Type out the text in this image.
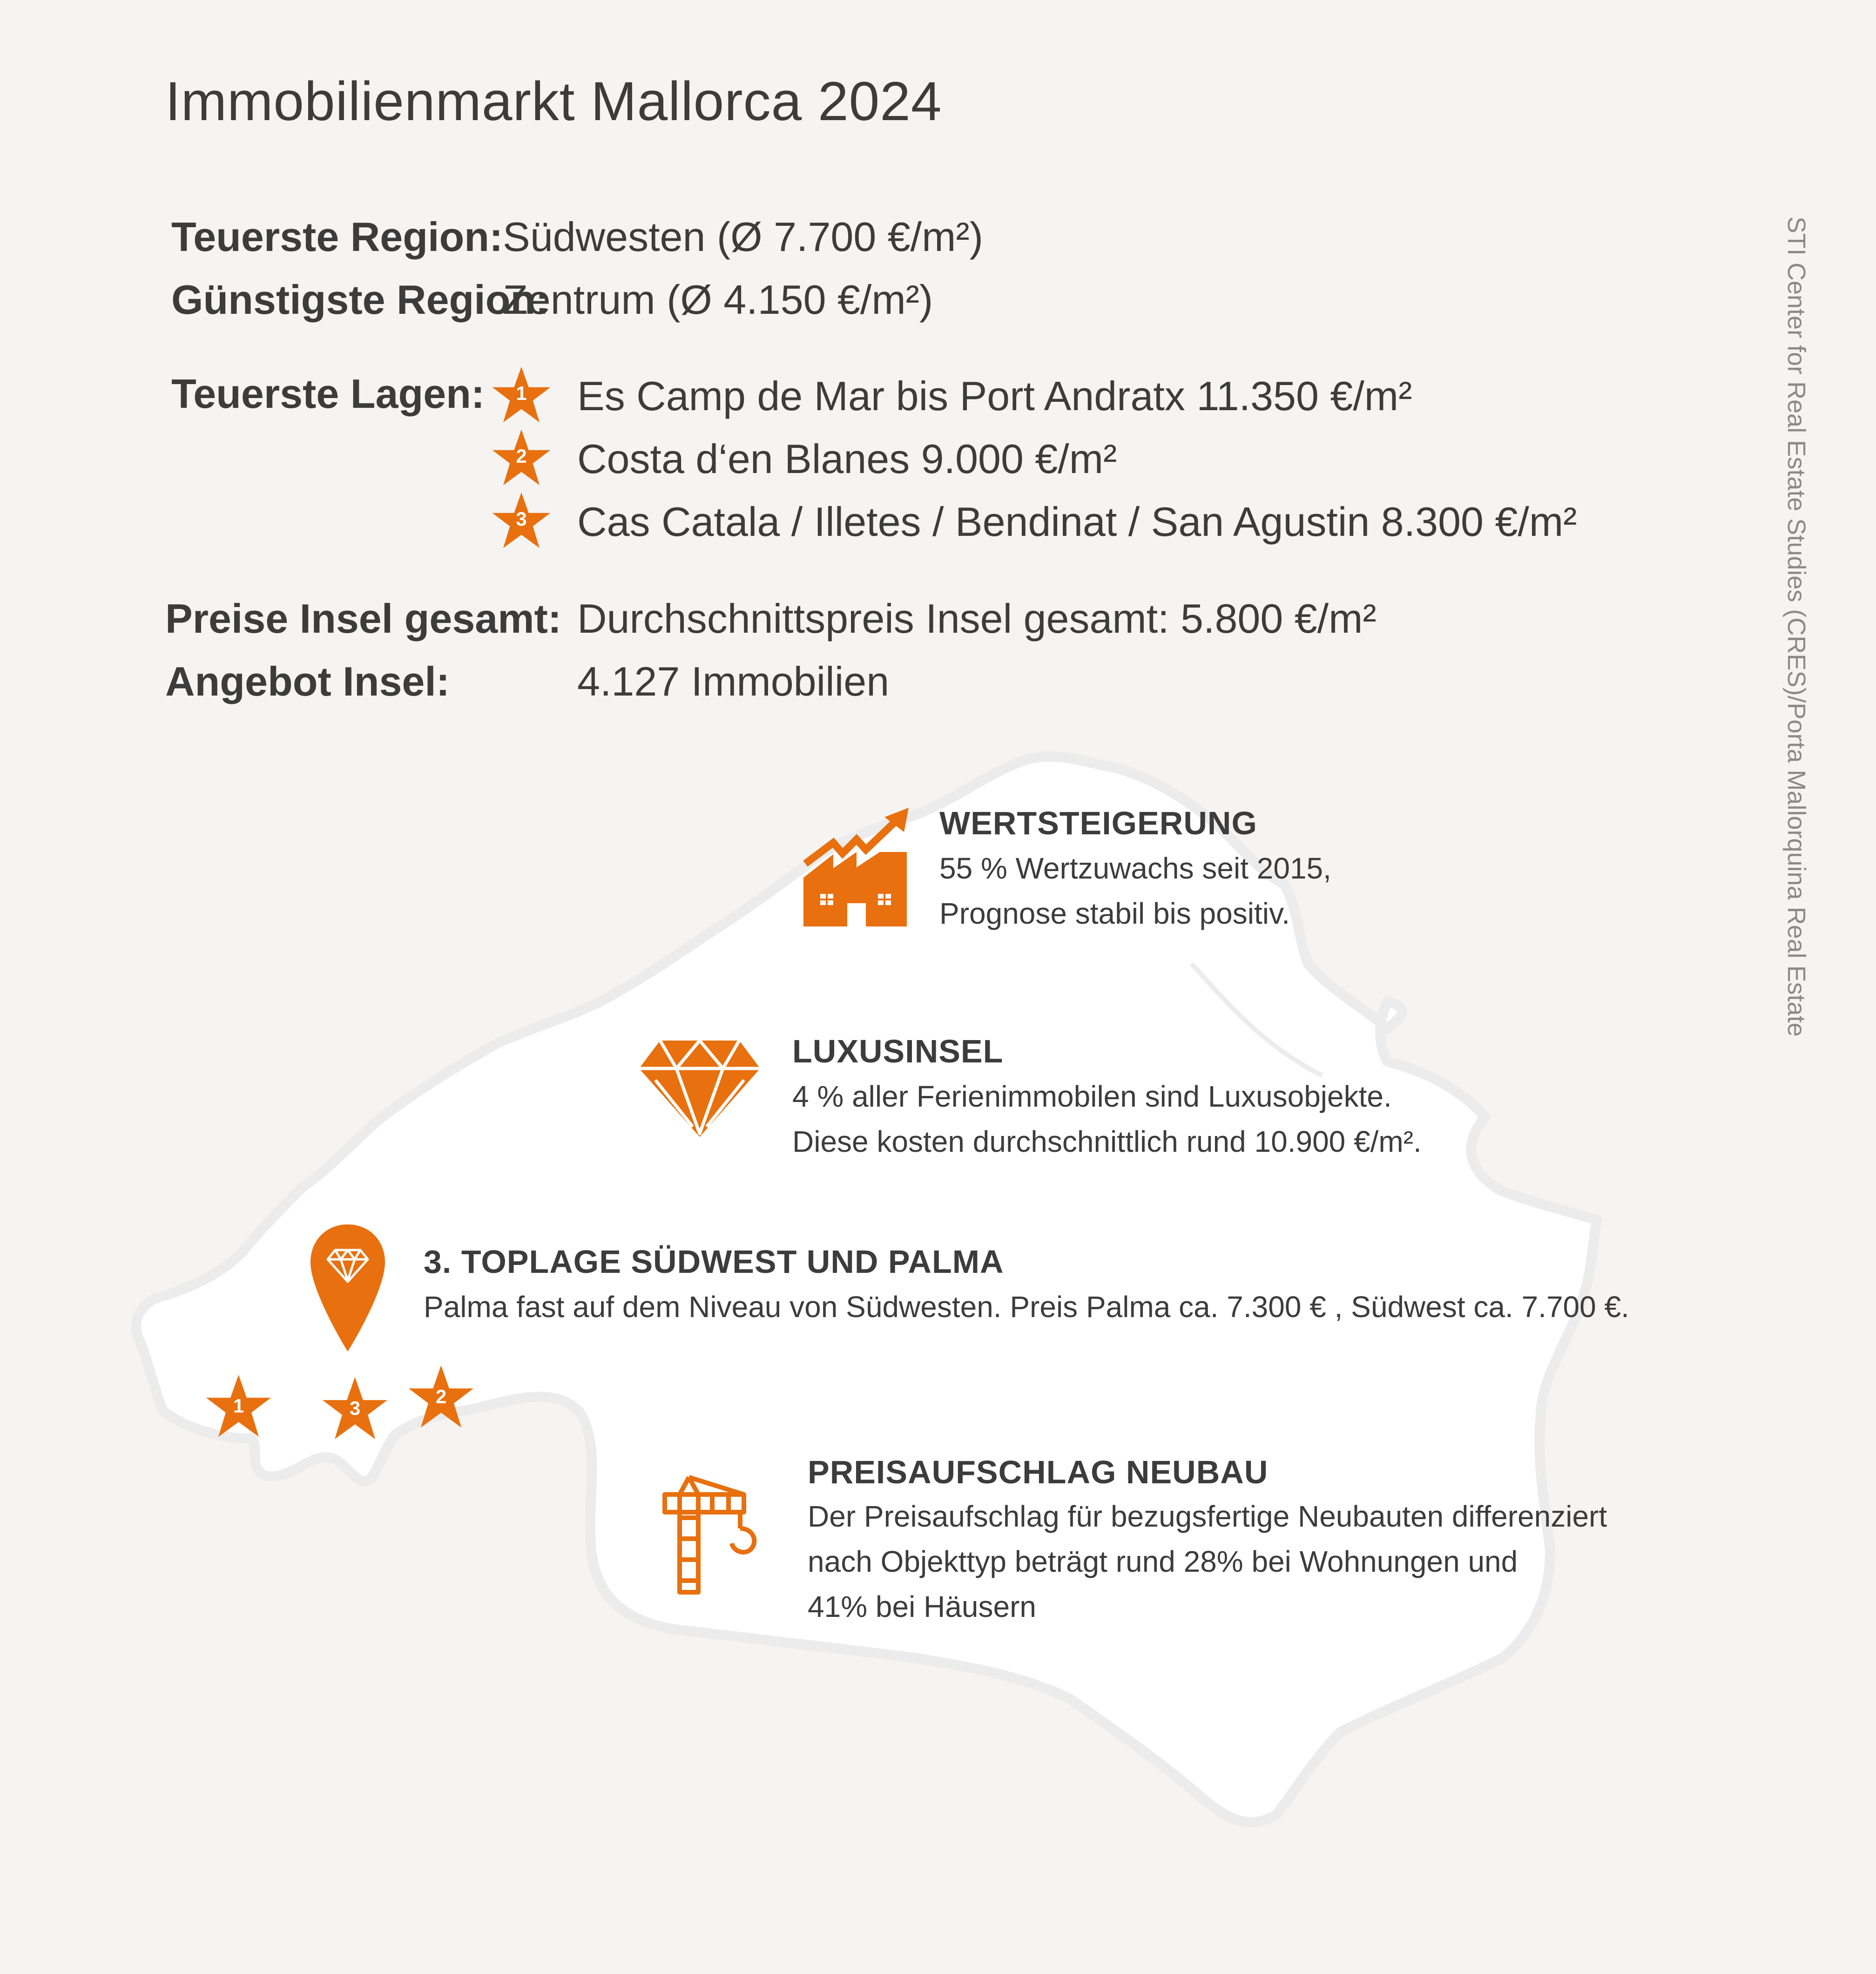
Immobilienmarkt Mallorca 2024
STI Center for Real Estate Studies (CRES)/Porta Mallorquina Real Estate
Teuerste Region: Südwesten (Ø 7.700 €/m²)
Günstigste Region:
Zentrum (Ø 4.150 €/m²)
Teuerste Lagen:	1	Es Camp de Mar bis Port Andratx 11.350 €/m²
2	Costa d‘en Blanes 9.000 €/m²
3	Cas Catala / Illetes / Bendinat / San Agustin 8.300 €/m²
Preise Insel gesamt: Durchschnittspreis Insel gesamt: 5.800 €/m²
Angebot Insel:	4.127 Immobilien
WERTSTEIGERUNG
55 % Wertzuwachs seit 2015,
Prognose stabil bis positiv.
LUXUSINSEL
4 % aller Ferienimmobilen sind Luxusobjekte.
Diese kosten durchschnittlich rund 10.900 €/m².
3. TOPLAGE SÜDWEST UND PALMA
Palma fast auf dem Niveau von Südwesten. Preis Palma ca. 7.300 € , Südwest ca. 7.700 €.
1	3
2
PREISAUFSCHLAG NEUBAU
Der Preisaufschlag für bezugsfertige Neubauten differenziert
nach Objekttyp beträgt rund 28% bei Wohnungen und
41% bei Häusern
